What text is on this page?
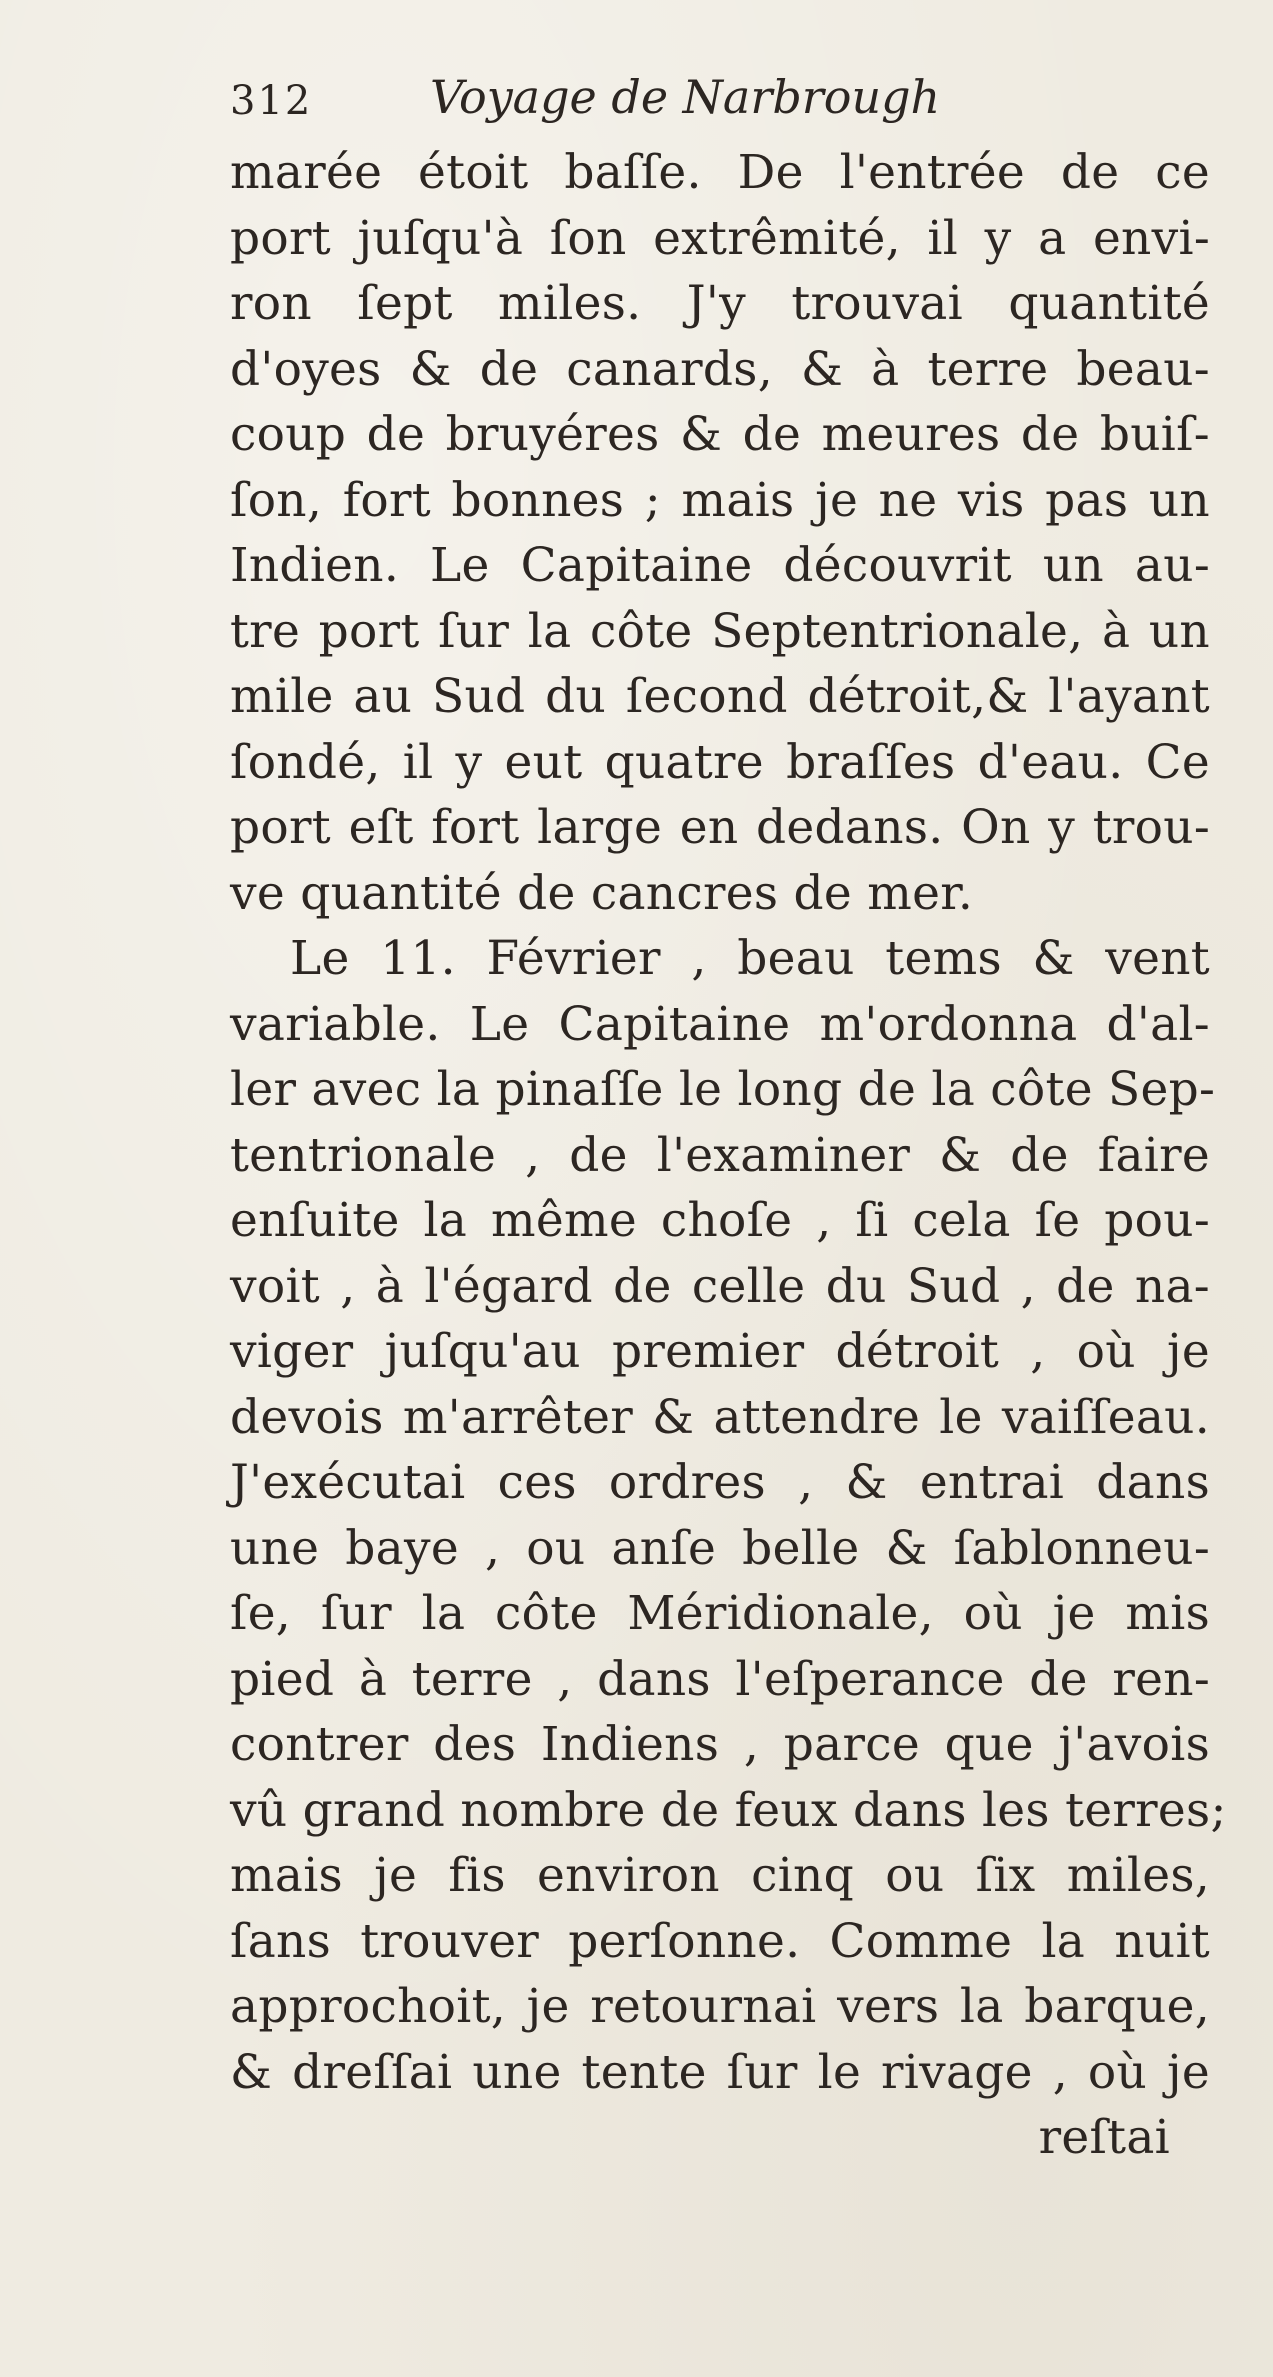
312	Voyage de Narbrough
marée étoit baſſe. De l'entrée de ce
port juſqu'à ſon extrêmité, il y a envi-
ron ſept miles. J'y trouvai quantité
d'oyes & de canards, & à terre beau-
coup de bruyéres & de meures de buiſ-
ſon, fort bonnes ; mais je ne vis pas un
Indien. Le Capitaine découvrit un au-
tre port ſur la côte Septentrionale, à un
mile au Sud du ſecond détroit,& l'ayant
ſondé, il y eut quatre braſſes d'eau. Ce
port eſt fort large en dedans. On y trou-
ve quantité de cancres de mer.
Le 11. Février , beau tems & vent
variable. Le Capitaine m'ordonna d'al-
ler avec la pinaſſe le long de la côte Sep-
tentrionale , de l'examiner & de faire
enſuite la même choſe , ſi cela ſe pou-
voit , à l'égard de celle du Sud , de na-
viger juſqu'au premier détroit , où je
devois m'arrêter & attendre le vaiſſeau.
J'exécutai ces ordres , & entrai dans
une baye , ou anſe belle & ſablonneu-
ſe, ſur la côte Méridionale, où je mis
pied à terre , dans l'eſperance de ren-
contrer des Indiens , parce que j'avois
vû grand nombre de feux dans les terres;
mais je fis environ cinq ou ſix miles,
ſans trouver perſonne. Comme la nuit
approchoit, je retournai vers la barque,
& dreſſai une tente ſur le rivage , où je
reſtai
